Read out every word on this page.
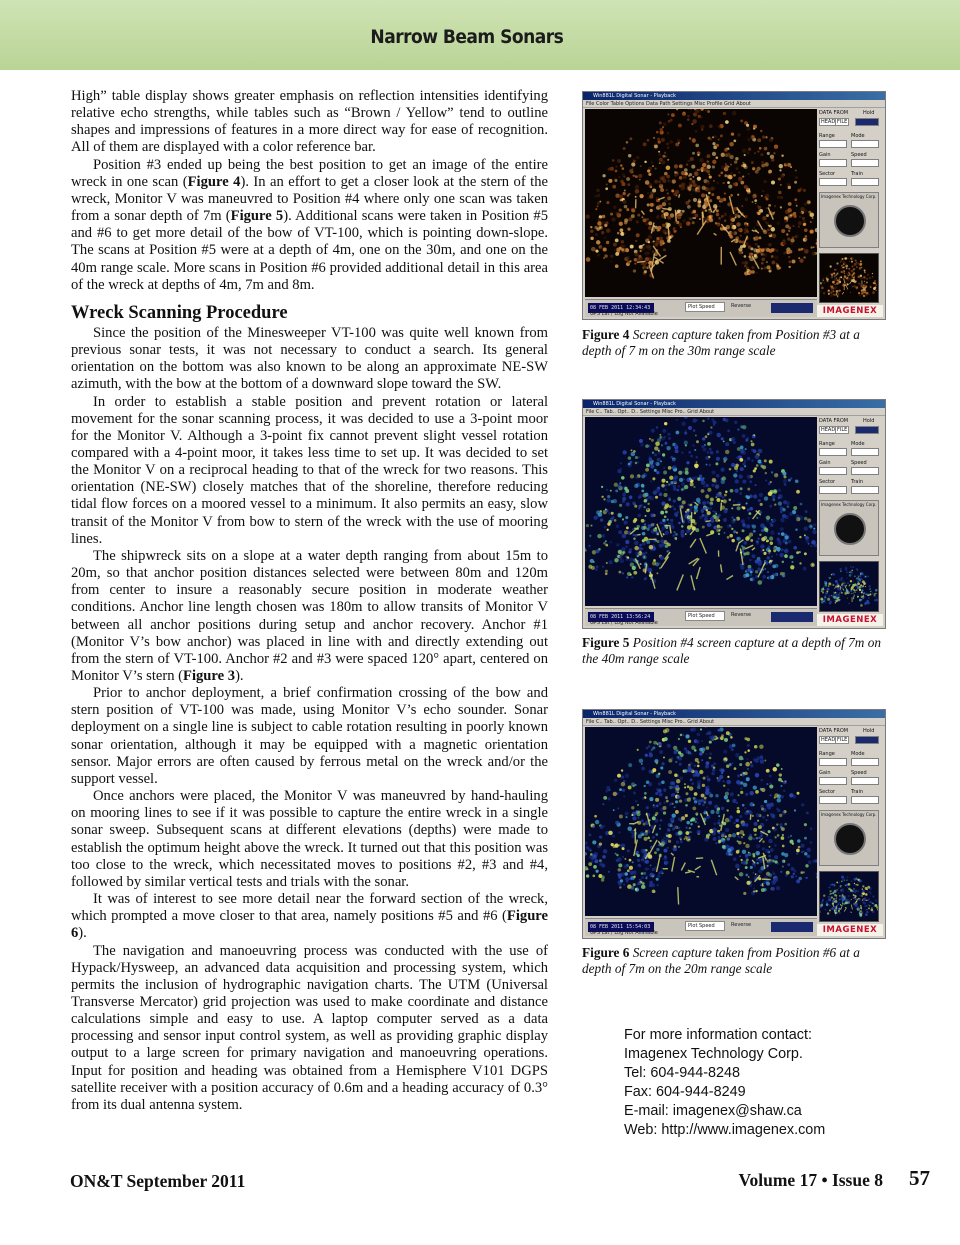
Narrow Beam Sonars

High” table display shows greater emphasis on reflection intensities identifying relative echo strengths, while tables such as “Brown / Yellow” tend to outline shapes and impressions of features in a more direct way for ease of recognition. All of them are displayed with a color reference bar.

Position #3 ended up being the best position to get an image of the entire wreck in one scan (Figure 4). In an effort to get a closer look at the stern of the wreck, Monitor V was maneuvred to Position #4 where only one scan was taken from a sonar depth of 7m (Figure 5). Additional scans were taken in Position #5 and #6 to get more detail of the bow of VT-100, which is pointing down-slope. The scans at Position #5 were at a depth of 4m, one on the 30m, and one on the 40m range scale. More scans in Position #6 provided additional detail in this area of the wreck at depths of 4m, 7m and 8m.

Wreck Scanning Procedure

Since the position of the Minesweeper VT-100 was quite well known from previous sonar tests, it was not necessary to conduct a search. Its general orientation on the bottom was also known to be along an approximate NE-SW azimuth, with the bow at the bottom of a downward slope toward the SW.

In order to establish a stable position and prevent rotation or lateral movement for the sonar scanning process, it was decided to use a 3-point moor for the Monitor V. Although a 3-point fix cannot prevent slight vessel rotation compared with a 4-point moor, it takes less time to set up. It was decided to set the Monitor V on a reciprocal heading to that of the wreck for two reasons. This orientation (NE-SW) closely matches that of the shoreline, therefore reducing tidal flow forces on a moored vessel to a minimum. It also permits an easy, slow transit of the Monitor V from bow to stern of the wreck with the use of mooring lines.

The shipwreck sits on a slope at a water depth ranging from about 15m to 20m, so that anchor position distances selected were between 80m and 120m from center to insure a reasonably secure position in moderate weather conditions. Anchor line length chosen was 180m to allow transits of Monitor V between all anchor positions during setup and anchor recovery. Anchor #1 (Monitor V’s bow anchor) was placed in line with and directly extending out from the stern of VT-100. Anchor #2 and #3 were spaced 120° apart, centered on Monitor V’s stern (Figure 3).

Prior to anchor deployment, a brief confirmation crossing of the bow and stern position of VT-100 was made, using Monitor V’s echo sounder. Sonar deployment on a single line is subject to cable rotation resulting in poorly known sonar orientation, although it may be equipped with a magnetic orientation sensor. Major errors are often caused by ferrous metal on the wreck and/or the support vessel.

Once anchors were placed, the Monitor V was maneuvred by hand-hauling on mooring lines to see if it was possible to capture the entire wreck in a single sonar sweep. Subsequent scans at different elevations (depths) were made to establish the optimum height above the wreck. It turned out that this position was too close to the wreck, which necessitated moves to positions #2, #3 and #4, followed by similar vertical tests and trials with the sonar.

It was of interest to see more detail near the forward section of the wreck, which prompted a move closer to that area, namely positions #5 and #6 (Figure 6).

The navigation and manoeuvring process was conducted with the use of Hypack/Hysweep, an advanced data acquisition and processing system, which permits the inclusion of hydrographic navigation charts. The UTM (Universal Transverse Mercator) grid projection was used to make coordinate and distance calculations simple and easy to use. A laptop computer served as a data processing and sensor input control system, as well as providing graphic display output to a large screen for primary navigation and manoeuvring operations. Input for position and heading was obtained from a Hemisphere V101 DGPS satellite receiver with a position accuracy of 0.6m and a heading accuracy of 0.3° from its dual antenna system.

Win881L Digital Sonar - Playback
File Color Table Options Data Path Settings Misc Profile Grid About
08 FEB 2011 12:34:43	Plot Speed	Reverse
GPS Lat / Log Not Available
DATA FROM	Hold
HEAD FILE
Range	Mode
Gain	Speed
Sector	Train
Imagenex Technology Corp.
IMAGENEX
Win881L Digital Sonar - Playback
File C.. Tab.. Opt.. D.. Settings Misc Pro.. Grid About
08 FEB 2011 13:56:24	Plot Speed	Reverse
GPS Lat / Log Not Available
DATA FROM	Hold
HEAD FILE
Range	Mode
Gain	Speed
Sector	Train
Imagenex Technology Corp.
IMAGENEX
Win881L Digital Sonar - Playback
File C.. Tab.. Opt.. D.. Settings Misc Pro.. Grid About
08 FEB 2011 15:54:03	Plot Speed	Reverse
GPS Lat / Log Not Available
DATA FROM	Hold
HEAD FILE
Range	Mode
Gain	Speed
Sector	Train
Imagenex Technology Corp.
IMAGENEX
Figure 4 Screen capture taken from Position #3 at a depth of 7 m on the 30m range scale
Figure 5 Position #4 screen capture at a depth of 7m on the 40m range scale
Figure 6 Screen capture taken from Position #6 at a depth of 7m on the 20m range scale
For more information contact:
Imagenex Technology Corp.
Tel: 604-944-8248
Fax: 604-944-8249
E-mail: imagenex@shaw.ca
Web: http://www.imagenex.com
ON&T September 2011	Volume 17 • Issue 8 57
